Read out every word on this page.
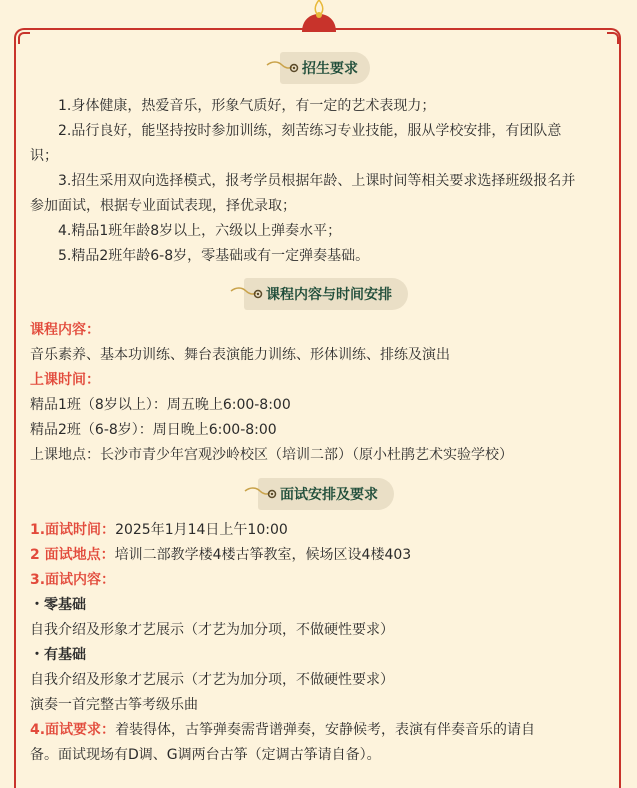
招生要求
1.身体健康，热爱音乐，形象气质好，有一定的艺术表现力；
2.品行良好，能坚持按时参加训练，刻苦练习专业技能，服从学校安排，有团队意
识；
3.招生采用双向选择模式，报考学员根据年龄、上课时间等相关要求选择班级报名并
参加面试，根据专业面试表现，择优录取；
4.精品1班年龄8岁以上，六级以上弹奏水平；
5.精品2班年龄6-8岁，零基础或有一定弹奏基础。
课程内容与时间安排
课程内容：
音乐素养、基本功训练、舞台表演能力训练、形体训练、排练及演出
上课时间：
精品1班（8岁以上）：周五晚上6:00-8:00
精品2班（6-8岁）：周日晚上6:00-8:00
上课地点：长沙市青少年宫观沙岭校区（培训二部）（原小杜鹃艺术实验学校）
面试安排及要求
1.面试时间：2025年1月14日上午10:00
2 面试地点：培训二部教学楼4楼古筝教室，候场区设4楼403
3.面试内容：
・零基础
自我介绍及形象才艺展示（才艺为加分项，不做硬性要求）
・有基础
自我介绍及形象才艺展示（才艺为加分项，不做硬性要求）
演奏一首完整古筝考级乐曲
4.面试要求：着装得体，古筝弹奏需背谱弹奏，安静候考，表演有伴奏音乐的请自
备。面试现场有D调、G调两台古筝（定调古筝请自备）。
